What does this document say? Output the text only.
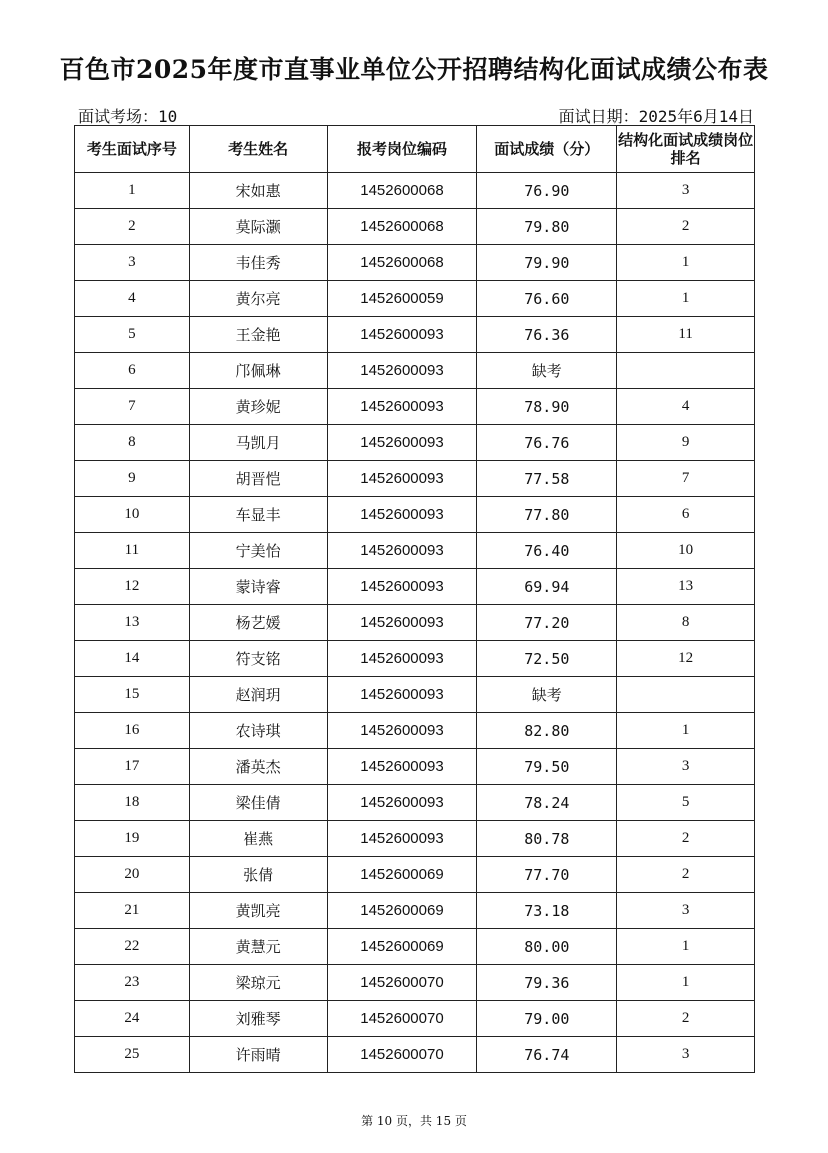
百色市2025年度市直事业单位公开招聘结构化面试成绩公布表
面试考场：10	面试日期：2025年6月14日
考生面试序号	考生姓名	报考岗位编码	面试成绩（分）	结构化面试成绩岗位排名
1	宋如惠	1452600068	76.90	3
2	莫际灏	1452600068	79.80	2
3	韦佳秀	1452600068	79.90	1
4	黄尔亮	1452600059	76.60	1
5	王金艳	1452600093	76.36	11
6	邝佩琳	1452600093	缺考	
7	黄珍妮	1452600093	78.90	4
8	马凯月	1452600093	76.76	9
9	胡晋恺	1452600093	77.58	7
10	车显丰	1452600093	77.80	6
11	宁美怡	1452600093	76.40	10
12	蒙诗睿	1452600093	69.94	13
13	杨艺媛	1452600093	77.20	8
14	符支铭	1452600093	72.50	12
15	赵润玥	1452600093	缺考	
16	农诗琪	1452600093	82.80	1
17	潘英杰	1452600093	79.50	3
18	梁佳倩	1452600093	78.24	5
19	崔燕	1452600093	80.78	2
20	张倩	1452600069	77.70	2
21	黄凯亮	1452600069	73.18	3
22	黄慧元	1452600069	80.00	1
23	梁琼元	1452600070	79.36	1
24	刘雅琴	1452600070	79.00	2
25	许雨晴	1452600070	76.74	3
第 10 页，共 15 页
